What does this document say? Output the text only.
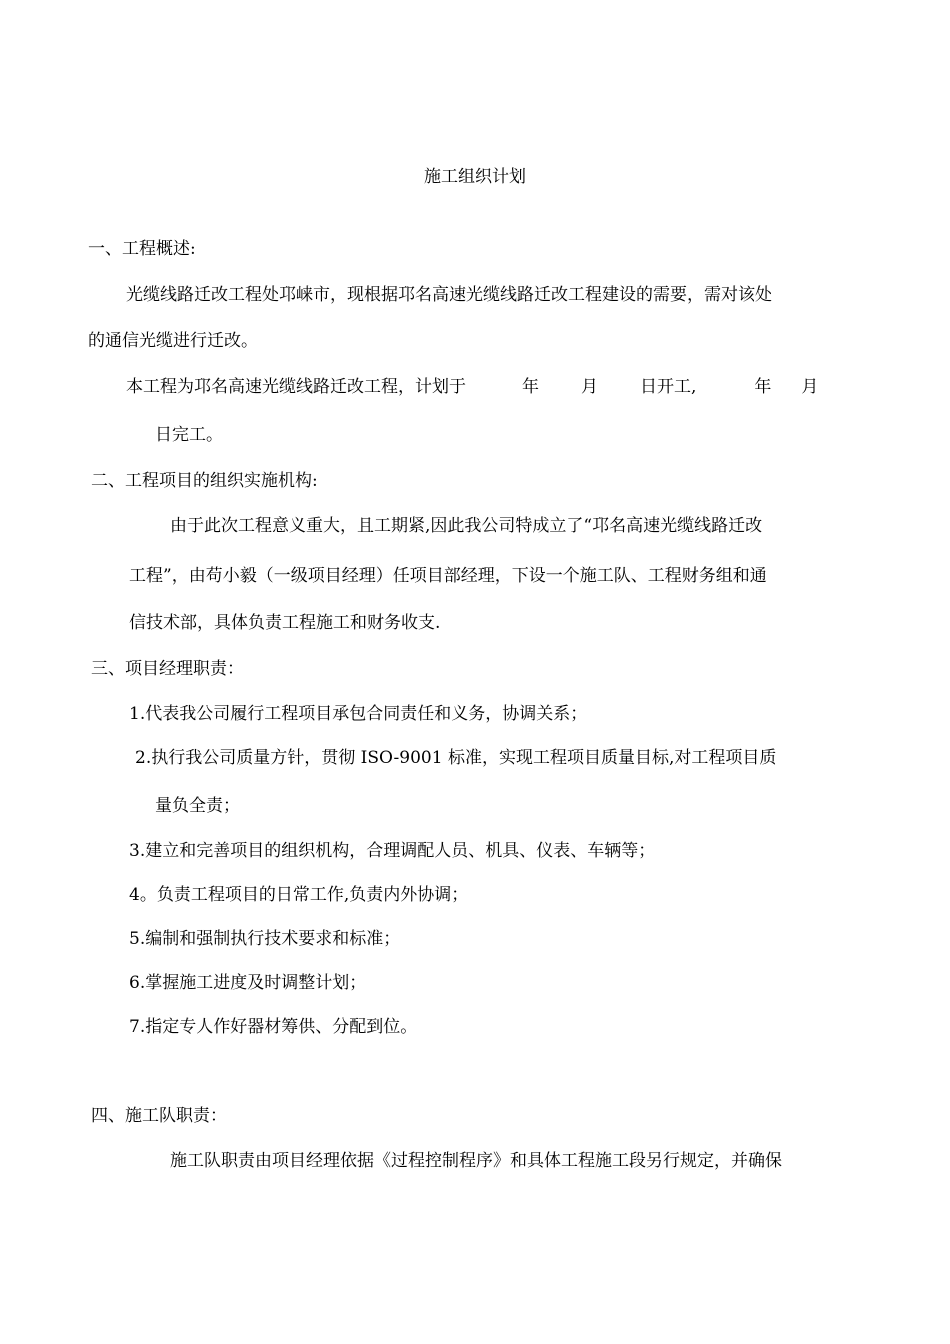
施工组织计划
一、工程概述:
光缆线路迁改工程处邛崃市，现根据邛名高速光缆线路迁改工程建设的需要，需对该处
的通信光缆进行迁改。
本工程为邛名高速光缆线路迁改工程，计划于	年 月 日开工,	年 月
日完工。
二、工程项目的组织实施机构:
由于此次工程意义重大，且工期紧,因此我公司特成立了“邛名高速光缆线路迁改
工程”，由苟小毅（一级项目经理）任项目部经理，下设一个施工队、工程财务组和通
信技术部，具体负责工程施工和财务收支.
三、项目经理职责：
1.代表我公司履行工程项目承包合同责任和义务，协调关系；
2.执行我公司质量方针，贯彻 ISO-9001 标准，实现工程项目质量目标,对工程项目质
量负全责；
3.建立和完善项目的组织机构，合理调配人员、机具、仪表、车辆等；
4。负责工程项目的日常工作,负责内外协调；
5.编制和强制执行技术要求和标准；
6.掌握施工进度及时调整计划；
7.指定专人作好器材筹供、分配到位。
四、施工队职责：
施工队职责由项目经理依据《过程控制程序》和具体工程施工段另行规定，并确保
